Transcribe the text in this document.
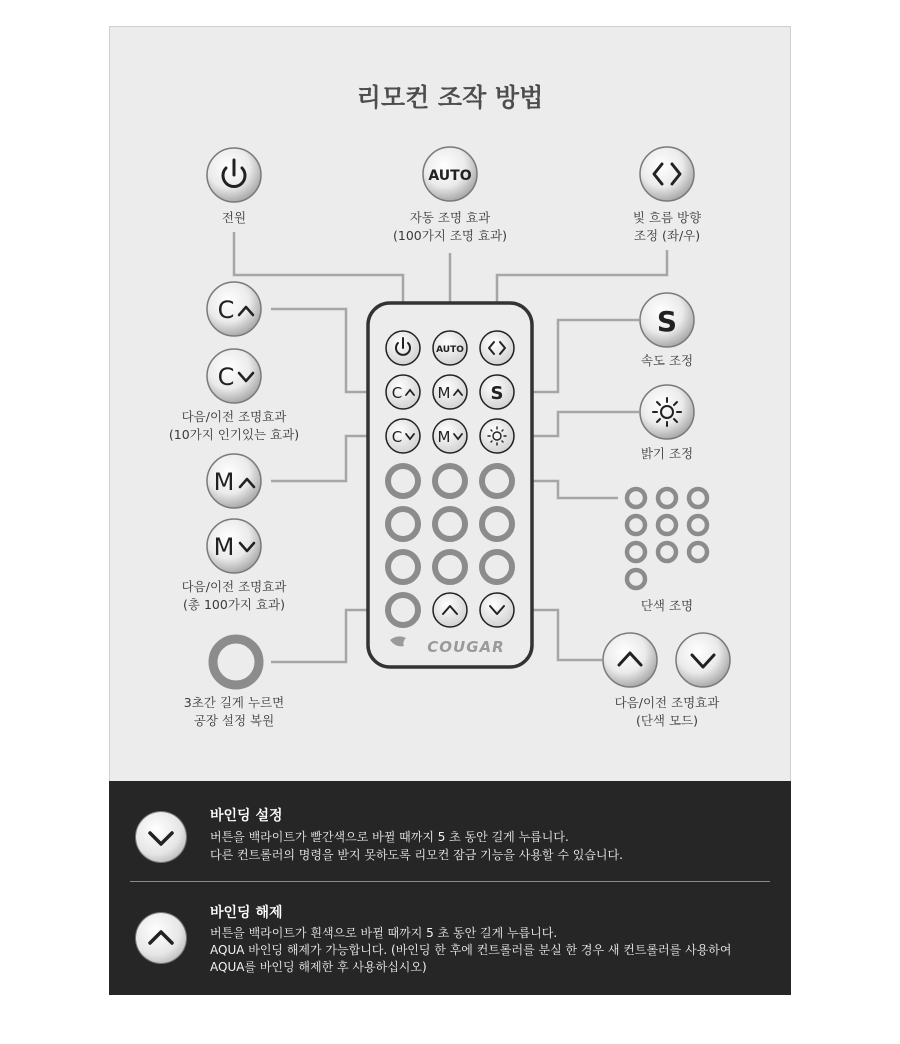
리모컨 조작 방법
AUTO
S
C
C
M
M
AUTO
C M S
C M
COUGAR
전원	자동 조명 효과
(100가지 조명 효과)
빛 흐름 방향
조정 (좌/우)
속도 조정
밝기 조정
다음/이전 조명효과
(10가지 인기있는 효과)
다음/이전 조명효과
(총 100가지 효과)	단색 조명
3초간 길게 누르면
공장 설정 복원
다음/이전 조명효과
(단색 모드)
바인딩 설정
버튼을 백라이트가 빨간색으로 바뀔 때까지 5 초 동안 길게 누릅니다.
다른 컨트롤러의 명령을 받지 못하도록 리모컨 잠금 기능을 사용할 수 있습니다.
바인딩 해제
버튼을 백라이트가 흰색으로 바뀔 때까지 5 초 동안 길게 누릅니다.
AQUA 바인딩 해제가 가능합니다. (바인딩 한 후에 컨트롤러를 분실 한 경우 새 컨트롤러를 사용하여
AQUA를 바인딩 해제한 후 사용하십시오)
